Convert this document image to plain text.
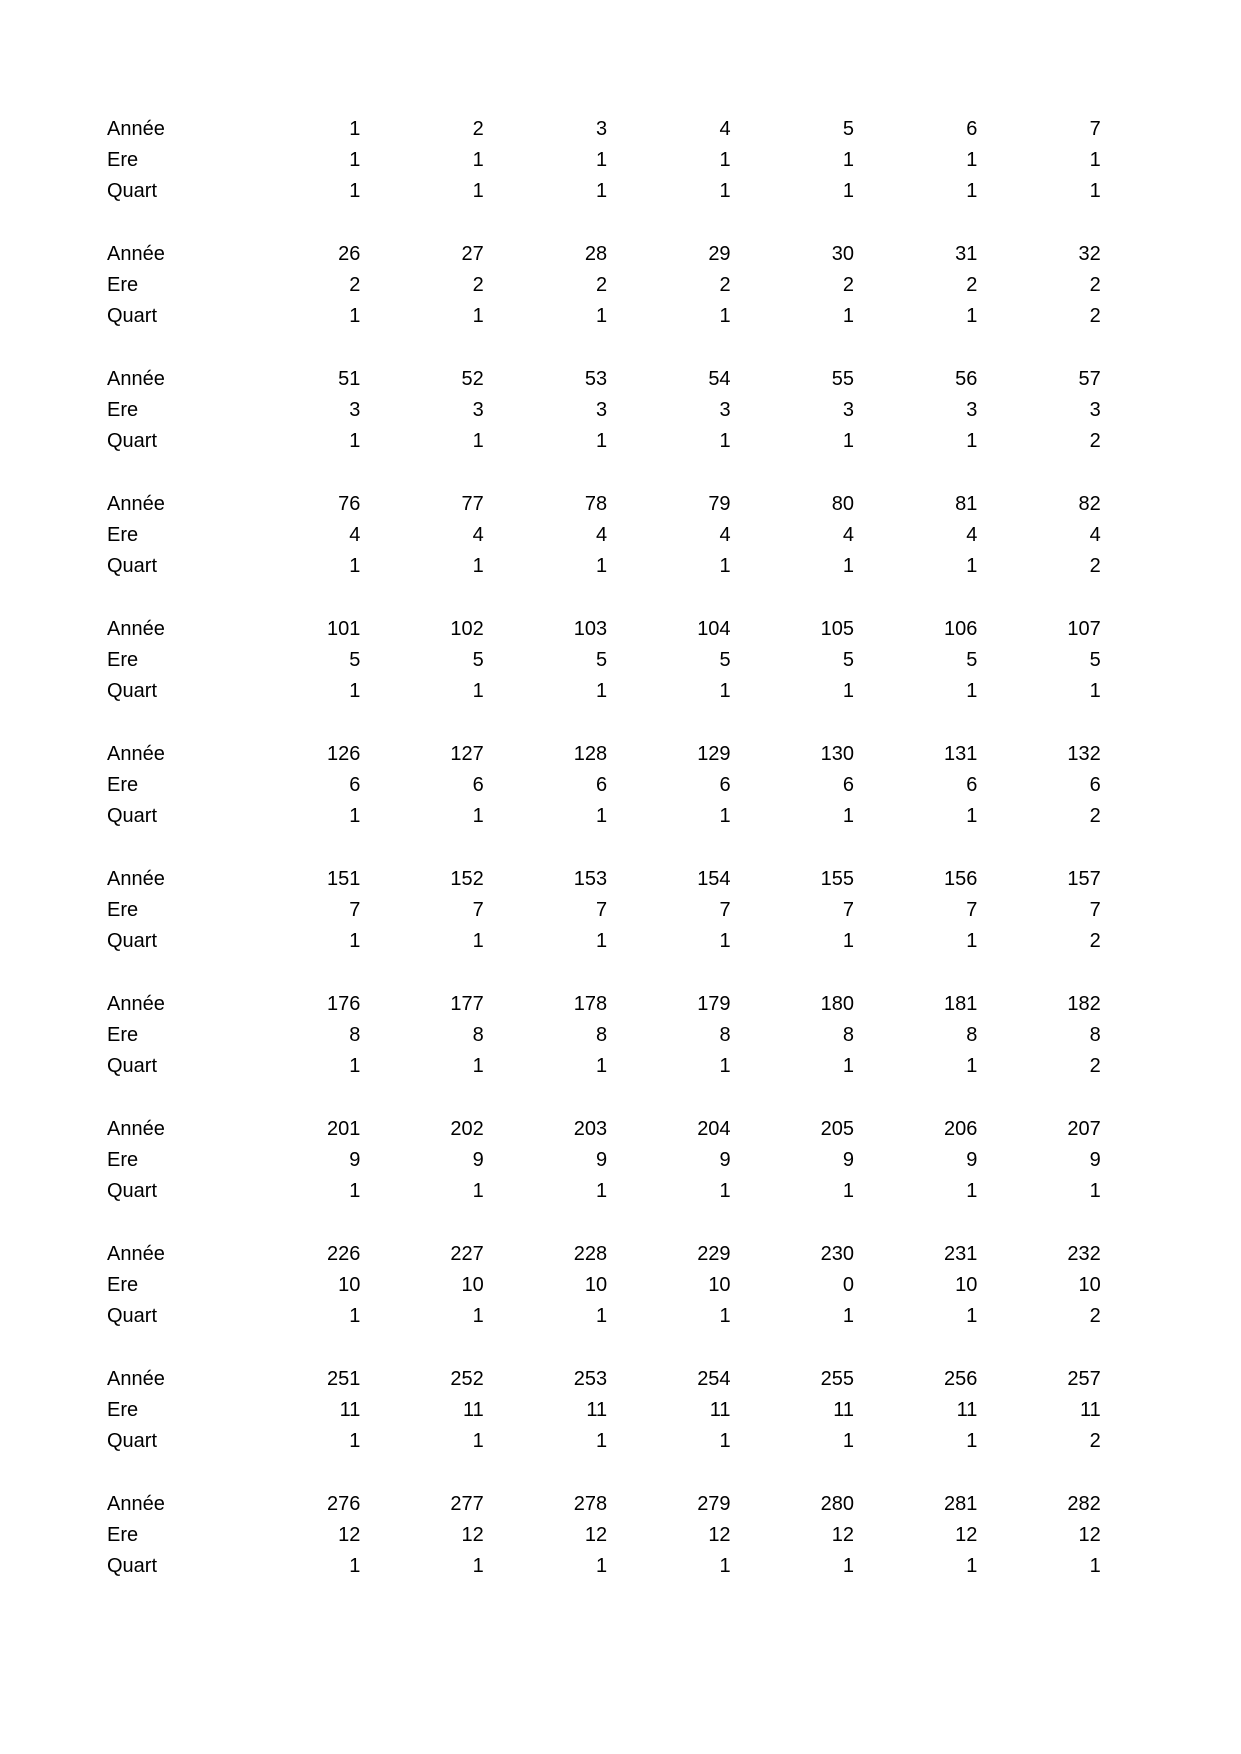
Année	1	2	3	4	5	6	7
Ere	1	1	1	1	1	1	1
Quart	1	1	1	1	1	1	1
Année	26	27	28	29	30	31	32
Ere	2	2	2	2	2	2	2
Quart	1	1	1	1	1	1	2
Année	51	52	53	54	55	56	57
Ere	3	3	3	3	3	3	3
Quart	1	1	1	1	1	1	2
Année	76	77	78	79	80	81	82
Ere	4	4	4	4	4	4	4
Quart	1	1	1	1	1	1	2
Année	101	102	103	104	105	106	107
Ere	5	5	5	5	5	5	5
Quart	1	1	1	1	1	1	1
Année	126	127	128	129	130	131	132
Ere	6	6	6	6	6	6	6
Quart	1	1	1	1	1	1	2
Année	151	152	153	154	155	156	157
Ere	7	7	7	7	7	7	7
Quart	1	1	1	1	1	1	2
Année	176	177	178	179	180	181	182
Ere	8	8	8	8	8	8	8
Quart	1	1	1	1	1	1	2
Année	201	202	203	204	205	206	207
Ere	9	9	9	9	9	9	9
Quart	1	1	1	1	1	1	1
Année	226	227	228	229	230	231	232
Ere	10	10	10	10	0	10	10
Quart	1	1	1	1	1	1	2
Année	251	252	253	254	255	256	257
Ere	11	11	11	11	11	11	11
Quart	1	1	1	1	1	1	2
Année	276	277	278	279	280	281	282
Ere	12	12	12	12	12	12	12
Quart	1	1	1	1	1	1	1
